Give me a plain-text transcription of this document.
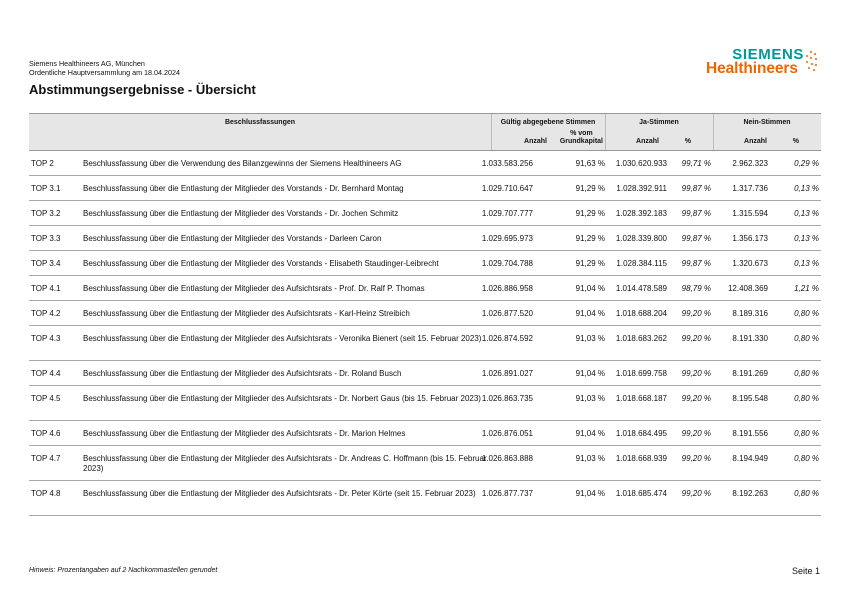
Siemens Healthineers AG, München
Ordentliche Hauptversammlung am 18.04.2024
SIEMENS
Healthineers
Abstimmungsergebnisse - Übersicht
Beschlussfassungen	Gültig abgegebene Stimmen
Anzahl
% vom
Grundkapital
Ja-Stimmen
Anzahl	%
Nein-Stimmen
Anzahl	%
TOP 2	Beschlussfassung über die Verwendung des Bilanzgewinns der Siemens Healthineers AG	1.033.583.256	91,63 % 1.030.620.933 99,71 %	2.962.323	0,29 %
TOP 3.1	Beschlussfassung über die Entlastung der Mitglieder des Vorstands - Dr. Bernhard Montag	1.029.710.647	91,29 % 1.028.392.911 99,87 %	1.317.736	0,13 %
TOP 3.2	Beschlussfassung über die Entlastung der Mitglieder des Vorstands - Dr. Jochen Schmitz	1.029.707.777	91,29 % 1.028.392.183 99,87 %	1.315.594	0,13 %
TOP 3.3	Beschlussfassung über die Entlastung der Mitglieder des Vorstands - Darleen Caron	1.029.695.973	91,29 % 1.028.339.800 99,87 %	1.356.173	0,13 %
TOP 3.4	Beschlussfassung über die Entlastung der Mitglieder des Vorstands - Elisabeth Staudinger-Leibrecht	1.029.704.788	91,29 % 1.028.384.115 99,87 %	1.320.673	0,13 %
TOP 4.1	Beschlussfassung über die Entlastung der Mitglieder des Aufsichtsrats - Prof. Dr. Ralf P. Thomas	1.026.886.958	91,04 % 1.014.478.589 98,79 % 12.408.369	1,21 %
TOP 4.2	Beschlussfassung über die Entlastung der Mitglieder des Aufsichtsrats - Karl-Heinz Streibich	1.026.877.520	91,04 % 1.018.688.204 99,20 %	8.189.316	0,80 %
TOP 4.3	Beschlussfassung über die Entlastung der Mitglieder des Aufsichtsrats - Veronika Bienert (seit 15. Februar 2023) 1.026.874.592	91,03 % 1.018.683.262 99,20 %	8.191.330	0,80 %
TOP 4.4	Beschlussfassung über die Entlastung der Mitglieder des Aufsichtsrats - Dr. Roland Busch	1.026.891.027	91,04 % 1.018.699.758 99,20 %	8.191.269	0,80 %
TOP 4.5	Beschlussfassung über die Entlastung der Mitglieder des Aufsichtsrats - Dr. Norbert Gaus (bis 15. Februar 2023) 1.026.863.735	91,03 % 1.018.668.187 99,20 %	8.195.548	0,80 %
TOP 4.6	Beschlussfassung über die Entlastung der Mitglieder des Aufsichtsrats - Dr. Marion Helmes	1.026.876.051	91,04 % 1.018.684.495 99,20 %	8.191.556	0,80 %
TOP 4.7	Beschlussfassung über die Entlastung der Mitglieder des Aufsichtsrats - Dr. Andreas C. Hoffmann (bis 15. Februar 2023)
1.026.863.888	91,03 % 1.018.668.939 99,20 %	8.194.949	0,80 %
TOP 4.8	Beschlussfassung über die Entlastung der Mitglieder des Aufsichtsrats - Dr. Peter Körte (seit 15. Februar 2023) 1.026.877.737	91,04 % 1.018.685.474 99,20 %	8.192.263	0,80 %
Hinweis: Prozentangaben auf 2 Nachkommastellen gerundet	Seite 1
